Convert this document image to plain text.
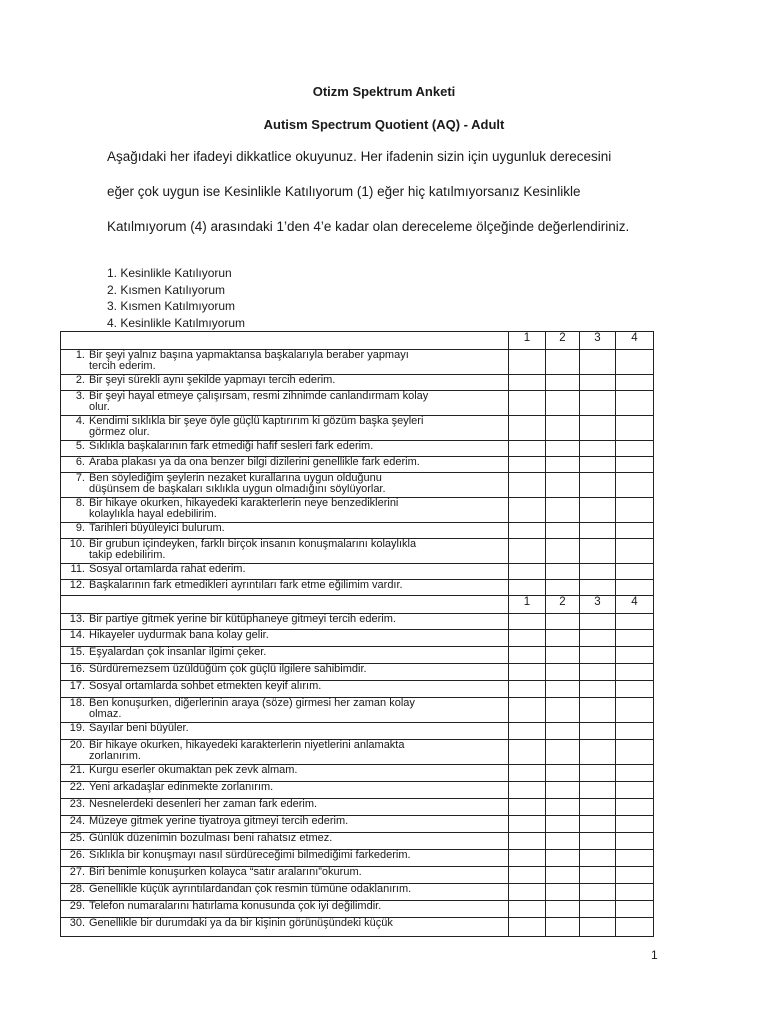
Otizm Spektrum Anketi
Autism Spectrum Quotient (AQ) - Adult
Aşağıdaki her ifadeyi dikkatlice okuyunuz. Her ifadenin sizin için uygunluk derecesini
eğer çok uygun ise Kesinlikle Katılıyorum (1) eğer hiç katılmıyorsanız Kesinlikle
Katılmıyorum (4) arasındaki 1’den 4’e kadar olan dereceleme ölçeğinde değerlendiriniz.
1. Kesinlikle Katılıyorun
2. Kısmen Katılıyorum
3. Kısmen Katılmıyorum
4. Kesinlikle Katılmıyorum
	1	2	3	4

1. Bir şeyi yalnız başına yapmaktansa başkalarıyla beraber yapmayı
tercih ederim.				

2. Bir şeyi sürekli aynı şekilde yapmayı tercih ederim.				

3. Bir şeyi hayal etmeye çalışırsam, resmi zihnimde canlandırmam kolay
olur.				

4. Kendimi sıklıkla bir şeye öyle güçlü kaptırırım ki gözüm başka şeyleri
görmez olur.				

5. Sıklıkla başkalarının fark etmediği hafif sesleri fark ederim.				

6. Araba plakası ya da ona benzer bilgi dizilerini genellikle fark ederim.				

7. Ben söylediğim şeylerin nezaket kurallarına uygun olduğunu
düşünsem de başkaları sıklıkla uygun olmadığını söylüyorlar.				

8. Bir hikaye okurken, hikayedeki karakterlerin neye benzediklerini
kolaylıkla hayal edebilirim.				

9. Tarihleri büyüleyici bulurum.				

10. Bir grubun içindeyken, farklı birçok insanın konuşmalarını kolaylıkla
takip edebilirim.				

11. Sosyal ortamlarda rahat ederim.				

12. Başkalarının fark etmedikleri ayrıntıları fark etme eğilimim vardır.				

	1	2	3	4

13. Bir partiye gitmek yerine bir kütüphaneye gitmeyi tercih ederim.				

14. Hikayeler uydurmak bana kolay gelir.				

15. Eşyalardan çok insanlar ilgimi çeker.				

16. Sürdüremezsem üzüldüğüm çok güçlü ilgilere sahibimdir.				

17. Sosyal ortamlarda sohbet etmekten keyif alırım.				

18. Ben konuşurken, diğerlerinin araya (söze) girmesi her zaman kolay
olmaz.				

19. Sayılar beni büyüler.				

20. Bir hikaye okurken, hikayedeki karakterlerin niyetlerini anlamakta
zorlanırım.				

21. Kurgu eserler okumaktan pek zevk almam.				

22. Yeni arkadaşlar edinmekte zorlanırım.				

23. Nesnelerdeki desenleri her zaman fark ederim.				

24. Müzeye gitmek yerine tiyatroya gitmeyi tercih ederim.				

25. Günlük düzenimin bozulması beni rahatsız etmez.				

26. Sıklıkla bir konuşmayı nasıl sürdüreceğimi bilmediğimi farkederim.				

27. Biri benimle konuşurken kolayca “satır aralarını”okurum.				

28. Genellikle küçük ayrıntılardandan çok resmin tümüne odaklanırım.				

29. Telefon numaralarını hatırlama konusunda çok iyi değilimdir.				

30. Genellikle bir durumdaki ya da bir kişinin görünüşündeki küçük				

1
